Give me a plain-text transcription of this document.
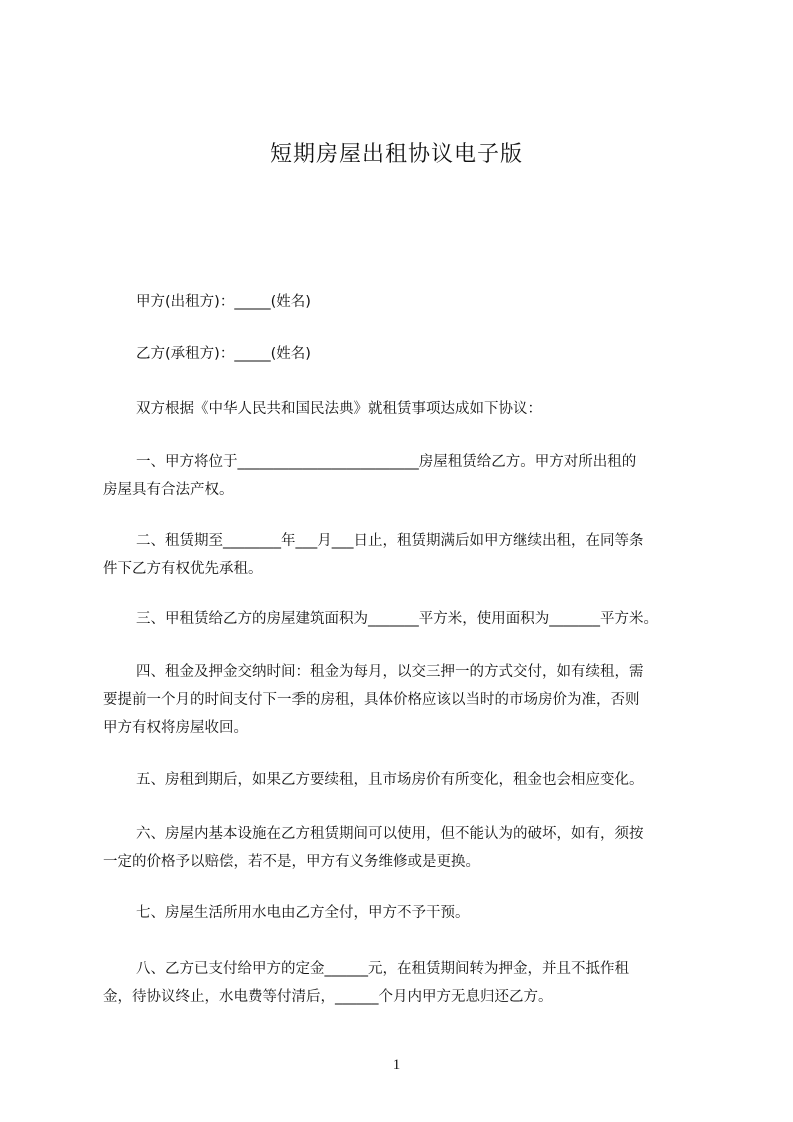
短期房屋出租协议电子版

甲方(出租方)：_____(姓名)

乙方(承租方)：_____(姓名)

双方根据《中华人民共和国民法典》就租赁事项达成如下协议：

一、甲方将位于_________________________房屋租赁给乙方。甲方对所出租的
房屋具有合法产权。

二、租赁期至________年___月___日止，租赁期满后如甲方继续出租，在同等条
件下乙方有权优先承租。

三、甲租赁给乙方的房屋建筑面积为_______平方米，使用面积为_______平方米。

四、租金及押金交纳时间：租金为每月，以交三押一的方式交付，如有续租，需
要提前一个月的时间支付下一季的房租，具体价格应该以当时的市场房价为准，否则
甲方有权将房屋收回。

五、房租到期后，如果乙方要续租，且市场房价有所变化，租金也会相应变化。

六、房屋内基本设施在乙方租赁期间可以使用，但不能认为的破坏，如有，须按
一定的价格予以赔偿，若不是，甲方有义务维修或是更换。

七、房屋生活所用水电由乙方全付，甲方不予干预。

八、乙方已支付给甲方的定金______元，在租赁期间转为押金，并且不抵作租
金，待协议终止，水电费等付清后，______个月内甲方无息归还乙方。

1
